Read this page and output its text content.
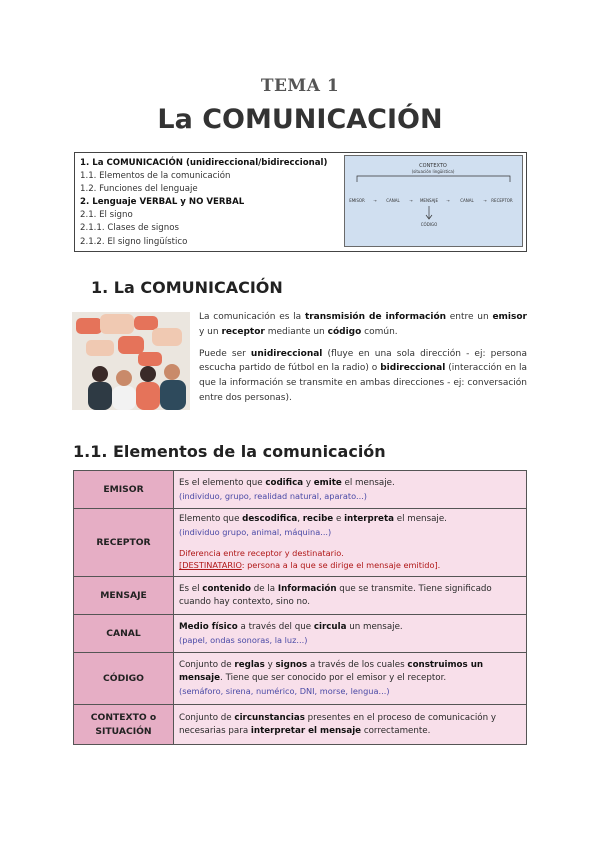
TEMA 1
La COMUNICACIÓN
1. La COMUNICACIÓN (unidireccional/bidireccional)
1.1. Elementos de la comunicación
1.2. Funciones del lenguaje
2. Lenguaje VERBAL y NO VERBAL
2.1. El signo
2.1.1. Clases de signos
2.1.2. El signo lingüístico
CONTEXTO
(situación lingüística)
EMISOR	CANAL	MENSAJE	CANAL	RECEPTOR
→	→	→	→
CÓDIGO
1. La COMUNICACIÓN

La comunicación es la transmisión de información entre un emisor y un receptor mediante un código común.

Puede ser unidireccional (fluye en una sola dirección - ej: persona escucha partido de fútbol en la radio) o bidireccional (interacción en la que la información se transmite en ambas direcciones - ej: conversación entre dos personas).

1.1. Elementos de la comunicación
EMISOR	Es el elemento que codifica y emite el mensaje.
(individuo, grupo, realidad natural, aparato...)

RECEPTOR	Elemento que descodifica, recibe e interpreta el mensaje.
(individuo grupo, animal, máquina...)
Diferencia entre receptor y destinatario.
[DESTINATARIO: persona a la que se dirige el mensaje emitido].

MENSAJE	Es el contenido de la Información que se transmite. Tiene significado cuando hay contexto, sino no.
CANAL	Medio físico a través del que circula un mensaje.
(papel, ondas sonoras, la luz...)

CÓDIGO	Conjunto de reglas y signos a través de los cuales construimos un mensaje. Tiene que ser conocido por el emisor y el receptor.
(semáforo, sirena, numérico, DNI, morse, lengua...)

CONTEXTO o
SITUACIÓN	Conjunto de circunstancias presentes en el proceso de comunicación y necesarias para interpretar el mensaje correctamente.
